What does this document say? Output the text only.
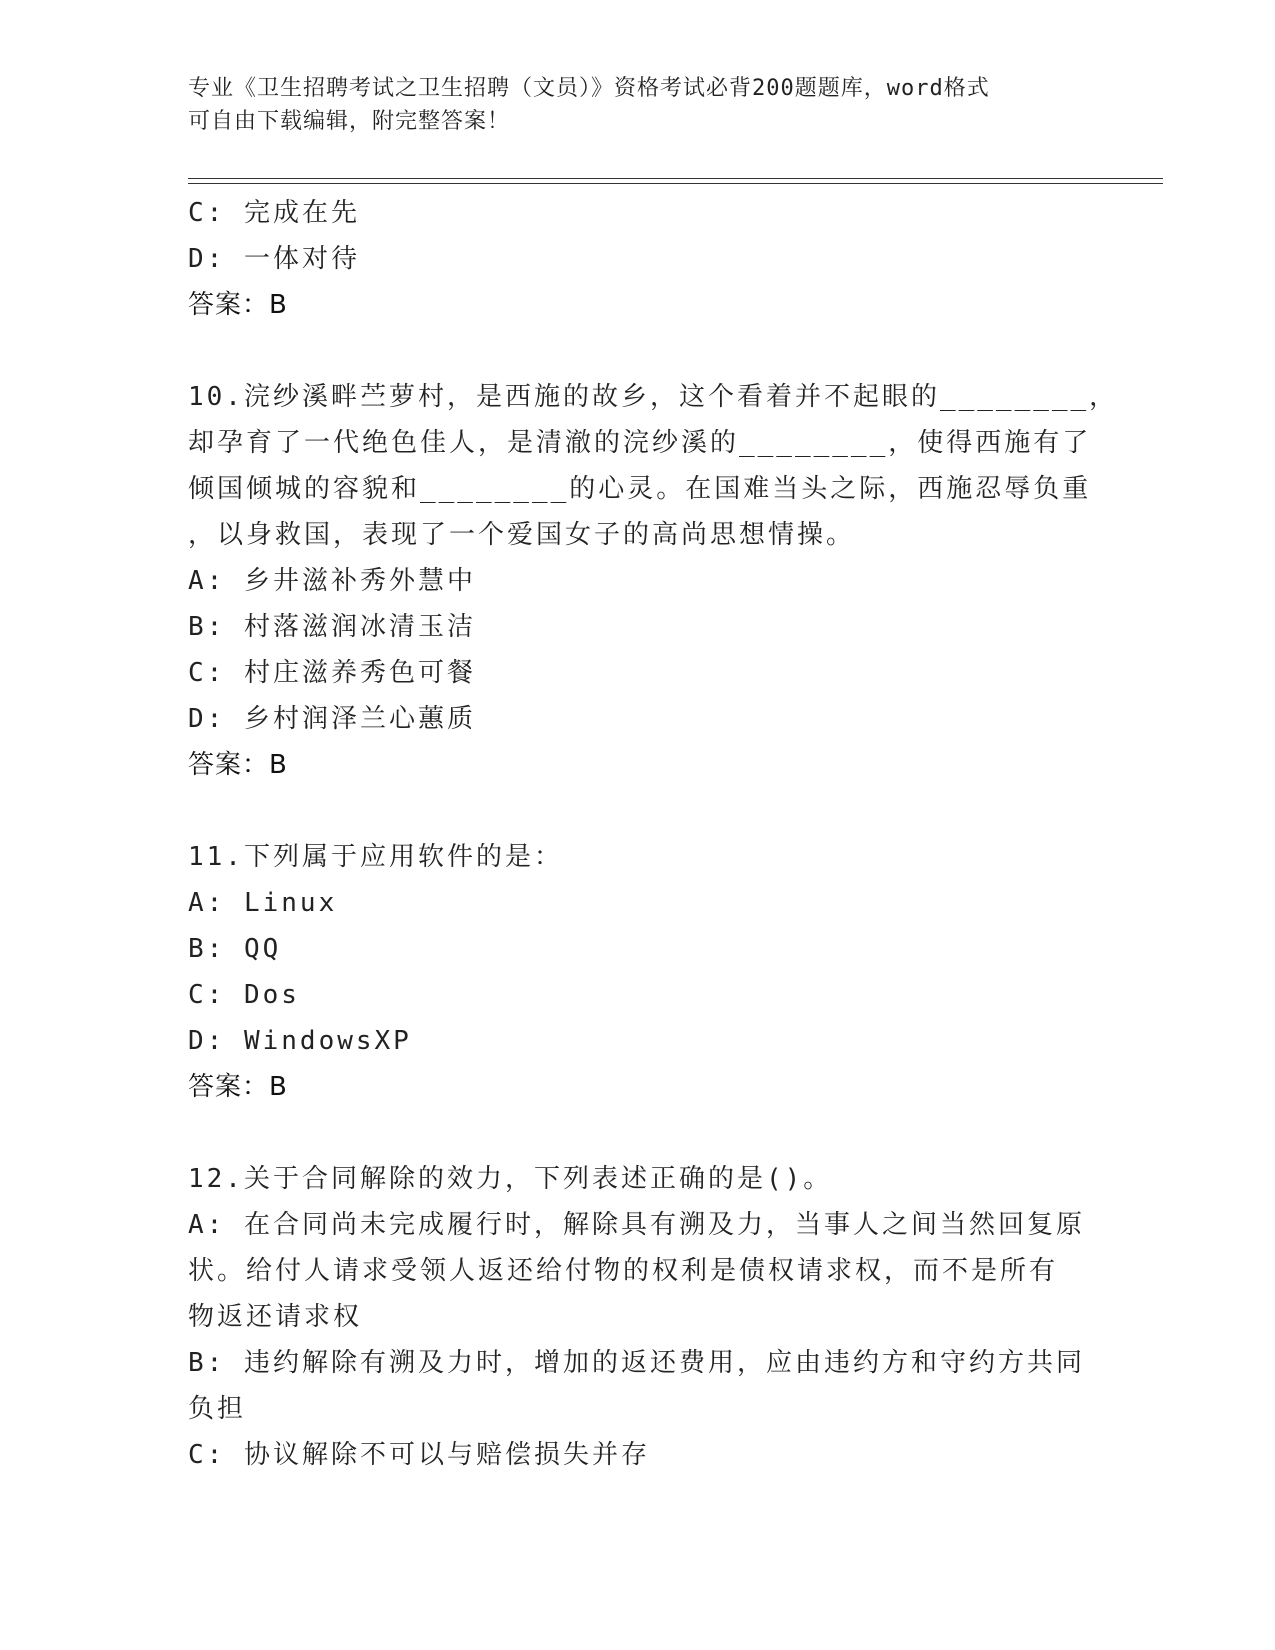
专业《卫生招聘考试之卫生招聘（文员）》资格考试必背200题题库，word格式
可自由下载编辑，附完整答案！
C: 完成在先
D: 一体对待
答案：B
10.浣纱溪畔苎萝村，是西施的故乡，这个看着并不起眼的________，
却孕育了一代绝色佳人，是清澈的浣纱溪的________，使得西施有了
倾国倾城的容貌和________的心灵。在国难当头之际，西施忍辱负重
，以身救国，表现了一个爱国女子的高尚思想情操。
A: 乡井滋补秀外慧中
B: 村落滋润冰清玉洁
C: 村庄滋养秀色可餐
D: 乡村润泽兰心蕙质
答案：B
11.下列属于应用软件的是：
A: Linux
B: QQ
C: Dos
D: WindowsXP
答案：B
12.关于合同解除的效力，下列表述正确的是()。
A: 在合同尚未完成履行时，解除具有溯及力，当事人之间当然回复原
状。给付人请求受领人返还给付物的权利是债权请求权，而不是所有
物返还请求权
B: 违约解除有溯及力时，增加的返还费用，应由违约方和守约方共同
负担
C: 协议解除不可以与赔偿损失并存
